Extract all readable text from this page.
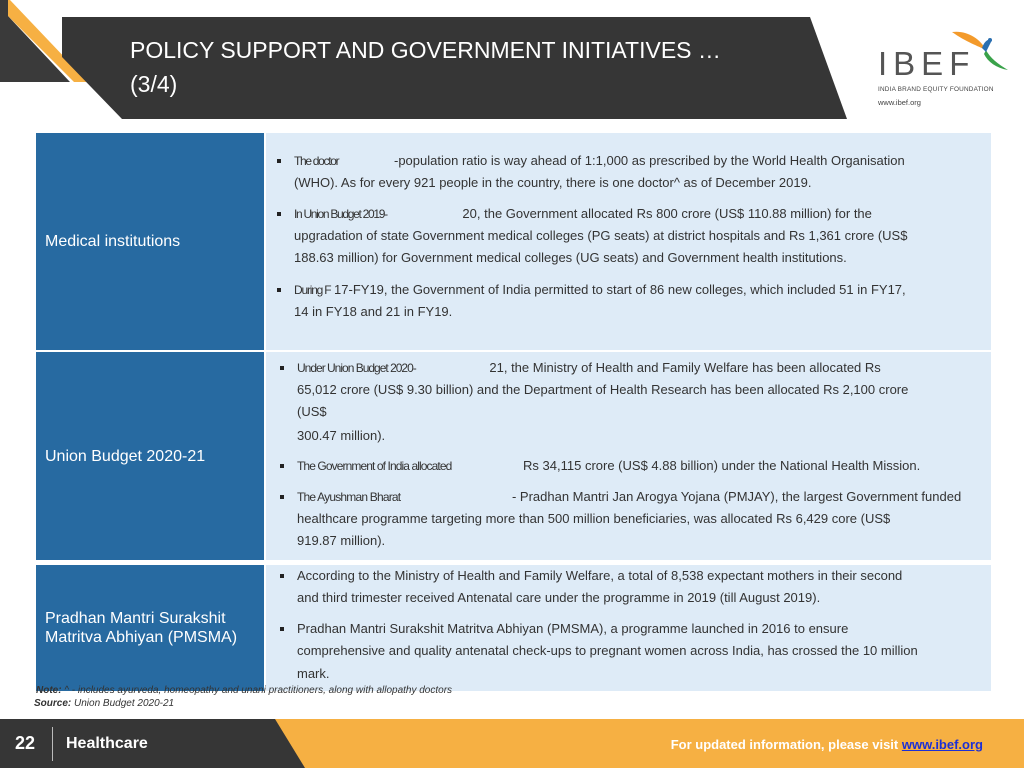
POLICY SUPPORT AND GOVERNMENT INITIATIVES …
(3/4)
IBEF
INDIA BRAND EQUITY FOUNDATION
www.ibef.org
Medical institutions
The doctor	-population ratio is way ahead of 1:1,000 as prescribed by the World Health Organisation
(WHO). As for every 921 people in the country, there is one doctor^ as of December 2019.
In Union Budget 2019-	20, the Government allocated Rs 800 crore (US$ 110.88 million) for the
upgradation of state Government medical colleges (PG seats) at district hospitals and Rs 1,361 crore (US$
188.63 million) for Government medical colleges (UG seats) and Government health institutions.
During F 17-FY19, the Government of India permitted to start of 86 new colleges, which included 51 in FY17,
14 in FY18 and 21 in FY19.
Union Budget 2020-21
Under Union Budget 2020-	21, the Ministry of Health and Family Welfare has been allocated Rs
65,012 crore (US$ 9.30 billion) and the Department of Health Research has been allocated Rs 2,100 crore
(US$
300.47 million).
The Government of India allocated	Rs 34,115 crore (US$ 4.88 billion) under the National Health Mission.
The Ayushman Bharat	- Pradhan Mantri Jan Arogya Yojana (PMJAY), the largest Government funded
healthcare programme targeting more than 500 million beneficiaries, was allocated Rs 6,429 core (US$
919.87 million).
Pradhan Mantri Surakshit Matritva Abhiyan (PMSMA)
According to the Ministry of Health and Family Welfare, a total of 8,538 expectant mothers in their second
and third trimester received Antenatal care under the programme in 2019 (till August 2019).
Pradhan Mantri Surakshit Matritva Abhiyan (PMSMA), a programme launched in 2016 to ensure
comprehensive and quality antenatal check-ups to pregnant women across India, has crossed the 10 million
mark.
Note: ^ - includes ayurveda, homeopathy and unani practitioners, along with allopathy doctors
Source: Union Budget 2020-21
22 Healthcare	For updated information, please visit www.ibef.org
